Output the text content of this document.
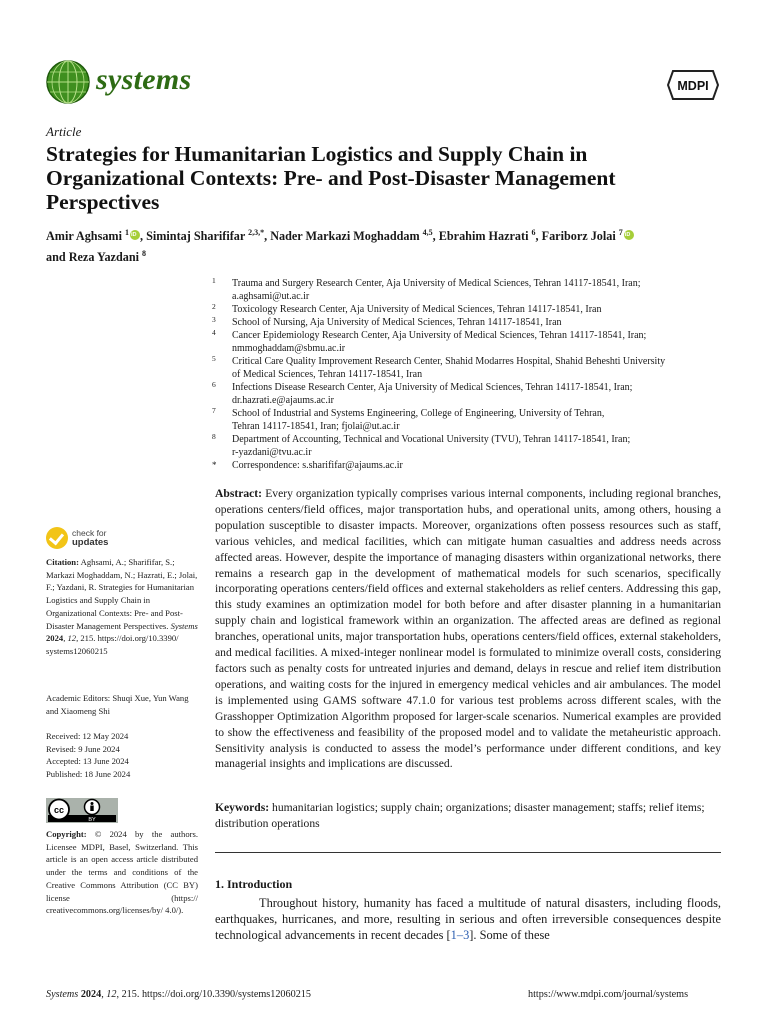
systems	MDPI
Article
Strategies for Humanitarian Logistics and Supply Chain in Organizational Contexts: Pre- and Post-Disaster Management Perspectives
Amir Aghsami $^1$iD , Simintaj Sharififar $^{2,3,*}$, Nader Markazi Moghaddam $^{4,5}$, Ebrahim Hazrati $^6$, Fariborz Jolai $^7$iD
and Reza Yazdani $^8$
1 Trauma and Surgery Research Center, Aja University of Medical Sciences, Tehran 14117-18541, Iran;
a.aghsami@ut.ac.ir
2 Toxicology Research Center, Aja University of Medical Sciences, Tehran 14117-18541, Iran
3 School of Nursing, Aja University of Medical Sciences, Tehran 14117-18541, Iran
4 Cancer Epidemiology Research Center, Aja University of Medical Sciences, Tehran 14117-18541, Iran;
nmmoghaddam@sbmu.ac.ir
5 Critical Care Quality Improvement Research Center, Shahid Modarres Hospital, Shahid Beheshti University
of Medical Sciences, Tehran 14117-18541, Iran
6 Infections Disease Research Center, Aja University of Medical Sciences, Tehran 14117-18541, Iran;
dr.hazrati.e@ajaums.ac.ir
7 School of Industrial and Systems Engineering, College of Engineering, University of Tehran,
Tehran 14117-18541, Iran; fjolai@ut.ac.ir
8 Department of Accounting, Technical and Vocational University (TVU), Tehran 14117-18541, Iran;
r-yazdani@tvu.ac.ir
* Correspondence: s.sharififar@ajaums.ac.ir
Abstract: Every organization typically comprises various internal components, including regional branches, operations centers/field offices, major transportation hubs, and operational units, among others, housing a population susceptible to disaster impacts. Moreover, organizations often possess resources such as staff, various vehicles, and medical facilities, which can mitigate human casualties and address needs across affected areas. However, despite the importance of managing disasters within organizational networks, there remains a research gap in the development of mathematical models for such scenarios, specifically incorporating operations centers/field offices and external stakeholders as relief centers. Addressing this gap, this study examines an optimization model for both before and after disaster planning in a humanitarian supply chain and logistical framework within an organization. The affected areas are defined as regional branches, operational units, major transportation hubs, operations centers/field offices, external stakeholders, and medical facilities. A mixed-integer nonlinear model is formulated to minimize overall costs, considering factors such as penalty costs for untreated injuries and demand, delays in rescue and relief item distribution operations, and waiting costs for the injured in emergency medical vehicles and air ambulances. The model is implemented using GAMS software 47.1.0 for various test problems across different scales, with the Grasshopper Optimization Algorithm proposed for larger-scale scenarios. Numerical examples are provided to show the effectiveness and feasibility of the proposed model and to validate the metaheuristic approach. Sensitivity analysis is conducted to assess the model’s performance under different conditions, and key managerial insights and implications are discussed.
Keywords: humanitarian logistics; supply chain; organizations; disaster management; staffs; relief items; distribution operations
1. Introduction
Throughout history, humanity has faced a multitude of natural disasters, including floods, earthquakes, hurricanes, and more, resulting in serious and often irreversible consequences despite technological advancements in recent decades [1–3]. Some of these
check for
updates
Citation: Aghsami, A.; Sharififar, S.; Markazi Moghaddam, N.; Hazrati, E.; Jolai, F.; Yazdani, R. Strategies for Humanitarian Logistics and Supply Chain in Organizational Contexts: Pre- and Post-Disaster Management Perspectives. Systems 2024, 12, 215. https://doi.org/10.3390/ systems12060215
Academic Editors: Shuqi Xue, Yun Wang and Xiaomeng Shi
Received: 12 May 2024
Revised: 9 June 2024
Accepted: 13 June 2024
Published: 18 June 2024
cc
BY
Copyright: © 2024 by the authors. Licensee MDPI, Basel, Switzerland. This article is an open access article distributed under the terms and conditions of the Creative Commons Attribution (CC BY) license (https:// creativecommons.org/licenses/by/ 4.0/).
Systems 2024, 12, 215. https://doi.org/10.3390/systems12060215	https://www.mdpi.com/journal/systems
